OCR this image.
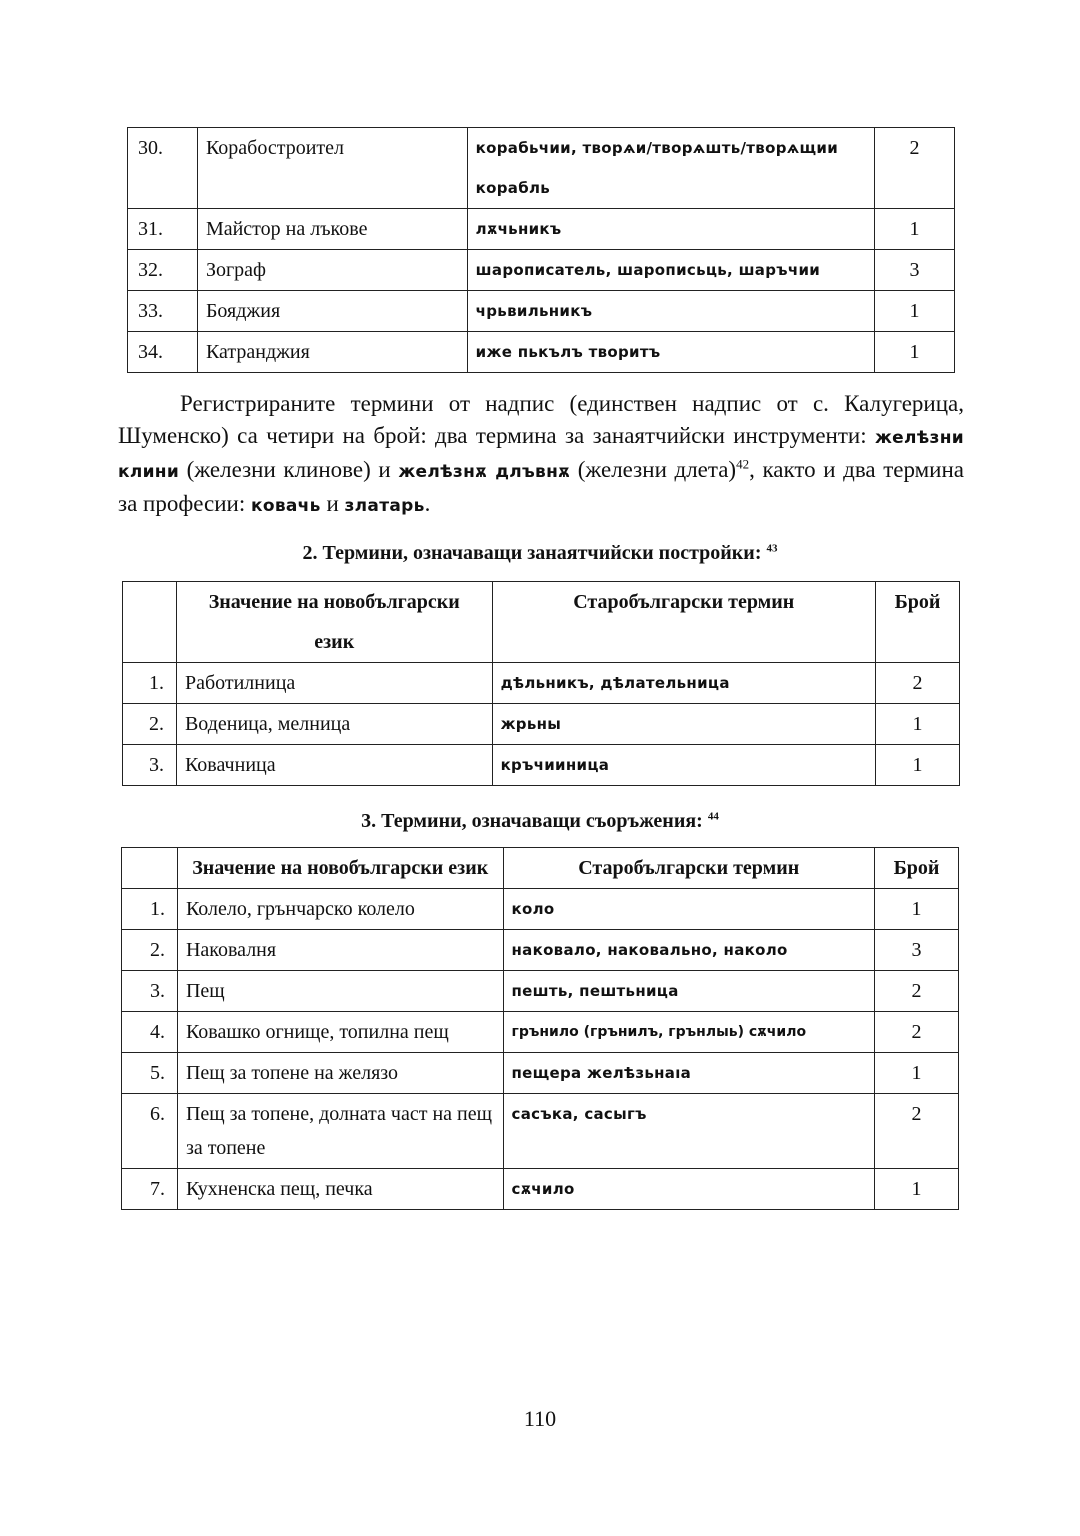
30.	Корабостроител	корабьчии, творѧи/творѧшть/творѧщии корабль	2
31.	Майстор на лъкове	лѫчьникъ	1
32.	Зограф	шарописатель, шарописьць, шаръчии	3
33.	Бояджия	чрьвильникъ	1
34.	Катранджия	иже пькълъ творитъ	1

Регистрираните термини от надпис (единствен надпис от с. Калугерица, Шуменско) са четири на брой: два термина за занаятчийски инструменти: желѣзни клини (железни клинове) и желѣзнѫ длъвнѫ (железни длета)$^{42}$, както и два термина за професии: ковачь и златарь.

2. Термини, означаващи занаятчийски постройки: $^{43}$
	Значение на новобългарски език	Старобългарски термин	Брой
1.	Работилница	дѣльникъ, дѣлательница	2
2.	Воденица, мелница	жрьны	1
3.	Ковачница	кръчииница	1
3. Термини, означаващи съоръжения: $^{44}$
	Значение на новобългарски език	Старобългарски термин	Брой
1.	Колело, грънчарско колело	коло	1
2.	Наковалня	наковало, наковально, наколо	3
3.	Пещ	пешть, пештьница	2
4.	Ковашко огнище, топилна пещ	грънило (грънилъ, грънлыь) сѫчило	2
5.	Пещ за топене на желязо	пещера желѣзьнаıа	1
6.	Пещ за топене, долната част на пещ за топене	сасъка, сасыгъ	2
7.	Кухненска пещ, печка	сѫчило	1
110
